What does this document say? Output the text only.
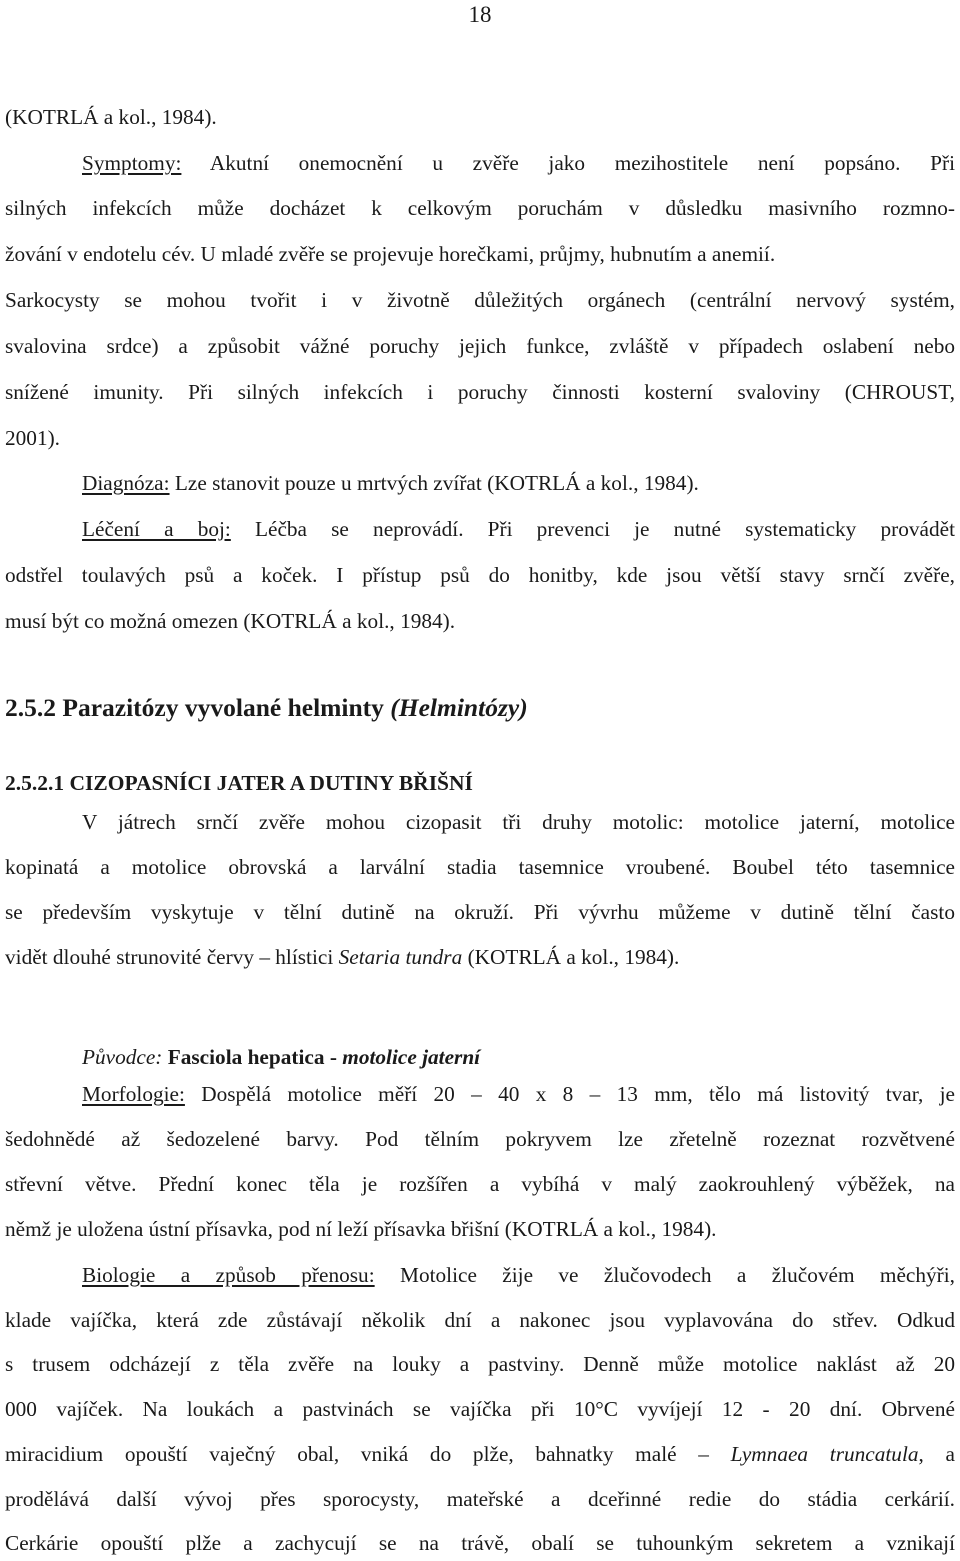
18
(KOTRLÁ a kol., 1984).
Symptomy: Akutní onemocnění u zvěře jako mezihostitele není popsáno. Při
silných infekcích může docházet k celkovým poruchám v důsledku masivního rozmno-
žování v endotelu cév. U mladé zvěře se projevuje horečkami, průjmy, hubnutím a anemií.
Sarkocysty se mohou tvořit i v životně důležitých orgánech (centrální nervový systém,
svalovina srdce) a způsobit vážné poruchy jejich funkce, zvláště v případech oslabení nebo
snížené imunity. Při silných infekcích i poruchy činnosti kosterní svaloviny (CHROUST,
2001).
Diagnóza: Lze stanovit pouze u mrtvých zvířat (KOTRLÁ a kol., 1984).
Léčení a boj: Léčba se neprovádí. Při prevenci je nutné systematicky provádět
odstřel toulavých psů a koček. I přístup psů do honitby, kde jsou větší stavy srnčí zvěře,
musí být co možná omezen (KOTRLÁ a kol., 1984).
2.5.2 Parazitózy vyvolané helminty (Helmintózy)
2.5.2.1 CIZOPASNÍCI JATER A DUTINY BŘIŠNÍ
V játrech srnčí zvěře mohou cizopasit tři druhy motolic: motolice jaterní, motolice
kopinatá a motolice obrovská a larvální stadia tasemnice vroubené. Boubel této tasemnice
se především vyskytuje v tělní dutině na okruží. Při vývrhu můžeme v dutině tělní často
vidět dlouhé strunovité červy – hlístici Setaria tundra (KOTRLÁ a kol., 1984).
Původce: Fasciola hepatica - motolice jaterní
Morfologie: Dospělá motolice měří 20 – 40 x 8 – 13 mm, tělo má listovitý tvar, je
šedohnědé až šedozelené barvy. Pod tělním pokryvem lze zřetelně rozeznat rozvětvené
střevní větve. Přední konec těla je rozšířen a vybíhá v malý zaokrouhlený výběžek, na
němž je uložena ústní přísavka, pod ní leží přísavka břišní (KOTRLÁ a kol., 1984).
Biologie a způsob přenosu: Motolice žije ve žlučovodech a žlučovém měchýři,
klade vajíčka, která zde zůstávají několik dní a nakonec jsou vyplavována do střev. Odkud
s trusem odcházejí z těla zvěře na louky a pastviny. Denně může motolice naklást až 20
000 vajíček. Na loukách a pastvinách se vajíčka při 10°C vyvíjejí 12 - 20 dní. Obrvené
miracidium opouští vaječný obal, vniká do plže, bahnatky malé – Lymnaea truncatula, a
prodělává další vývoj přes sporocysty, mateřské a dceřinné redie do stádia cerkárií.
Cerkárie opouští plže a zachycují se na trávě, obalí se tuhounkým sekretem a vznikají
